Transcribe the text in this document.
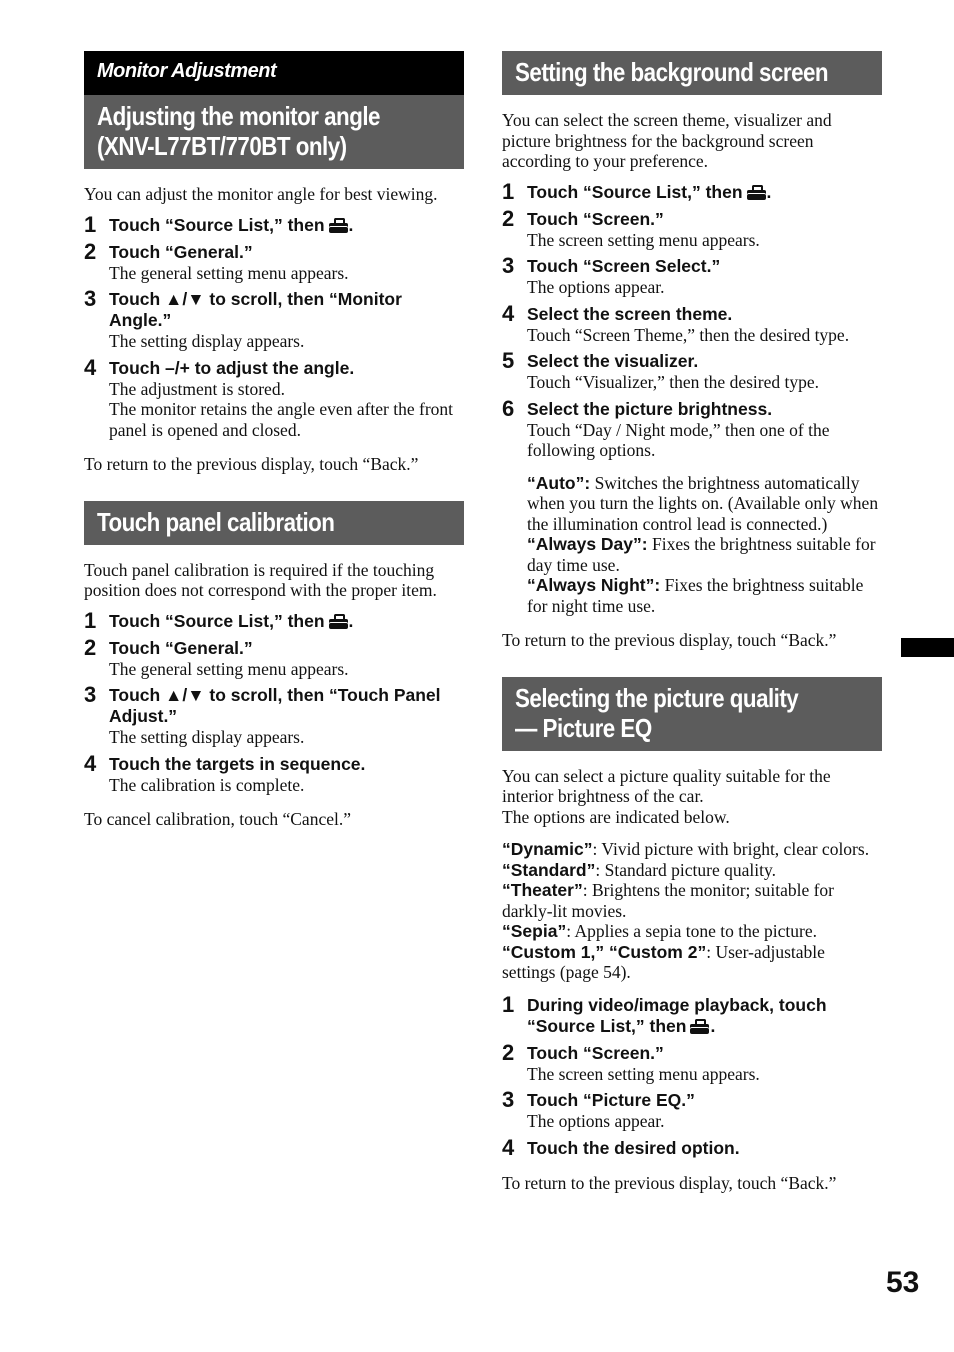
Monitor Adjustment
Adjusting the monitor angle
(XNV-L77BT/770BT only)

You can adjust the monitor angle for best viewing.

1 Touch “Source List,” then .
2 Touch “General.”
The general setting menu appears.
3 Touch ▲/▼ to scroll, then “Monitor Angle.”
The setting display appears.
4 Touch –/+ to adjust the angle.
The adjustment is stored.
The monitor retains the angle even after the front panel is opened and closed.

To return to the previous display, touch “Back.”

Touch panel calibration

Touch panel calibration is required if the touching position does not correspond with the proper item.

1 Touch “Source List,” then .
2 Touch “General.”
The general setting menu appears.
3 Touch ▲/▼ to scroll, then “Touch Panel Adjust.”
The setting display appears.
4 Touch the targets in sequence.
The calibration is complete.

To cancel calibration, touch “Cancel.”

Setting the background screen

You can select the screen theme, visualizer and picture brightness for the background screen according to your preference.

1 Touch “Source List,” then .
2 Touch “Screen.”
The screen setting menu appears.
3 Touch “Screen Select.”
The options appear.
4 Select the screen theme.
Touch “Screen Theme,” then the desired type.
5 Select the visualizer.
Touch “Visualizer,” then the desired type.
6 Select the picture brightness.
Touch “Day / Night mode,” then one of the following options.
“Auto”: Switches the brightness automatically when you turn the lights on. (Available only when the illumination control lead is connected.)
“Always Day”: Fixes the brightness suitable for day time use.
“Always Night”: Fixes the brightness suitable for night time use.

To return to the previous display, touch “Back.”

Selecting the picture quality
— Picture EQ

You can select a picture quality suitable for the interior brightness of the car.

The options are indicated below.

“Dynamic”: Vivid picture with bright, clear colors.
“Standard”: Standard picture quality.
“Theater”: Brightens the monitor; suitable for darkly-lit movies.
“Sepia”: Applies a sepia tone to the picture.
“Custom 1,” “Custom 2”: User-adjustable settings (page 54).
1 During video/image playback, touch “Source List,” then .
2 Touch “Screen.”
The screen setting menu appears.
3 Touch “Picture EQ.”
The options appear.
4 Touch the desired option.

To return to the previous display, touch “Back.”

53
